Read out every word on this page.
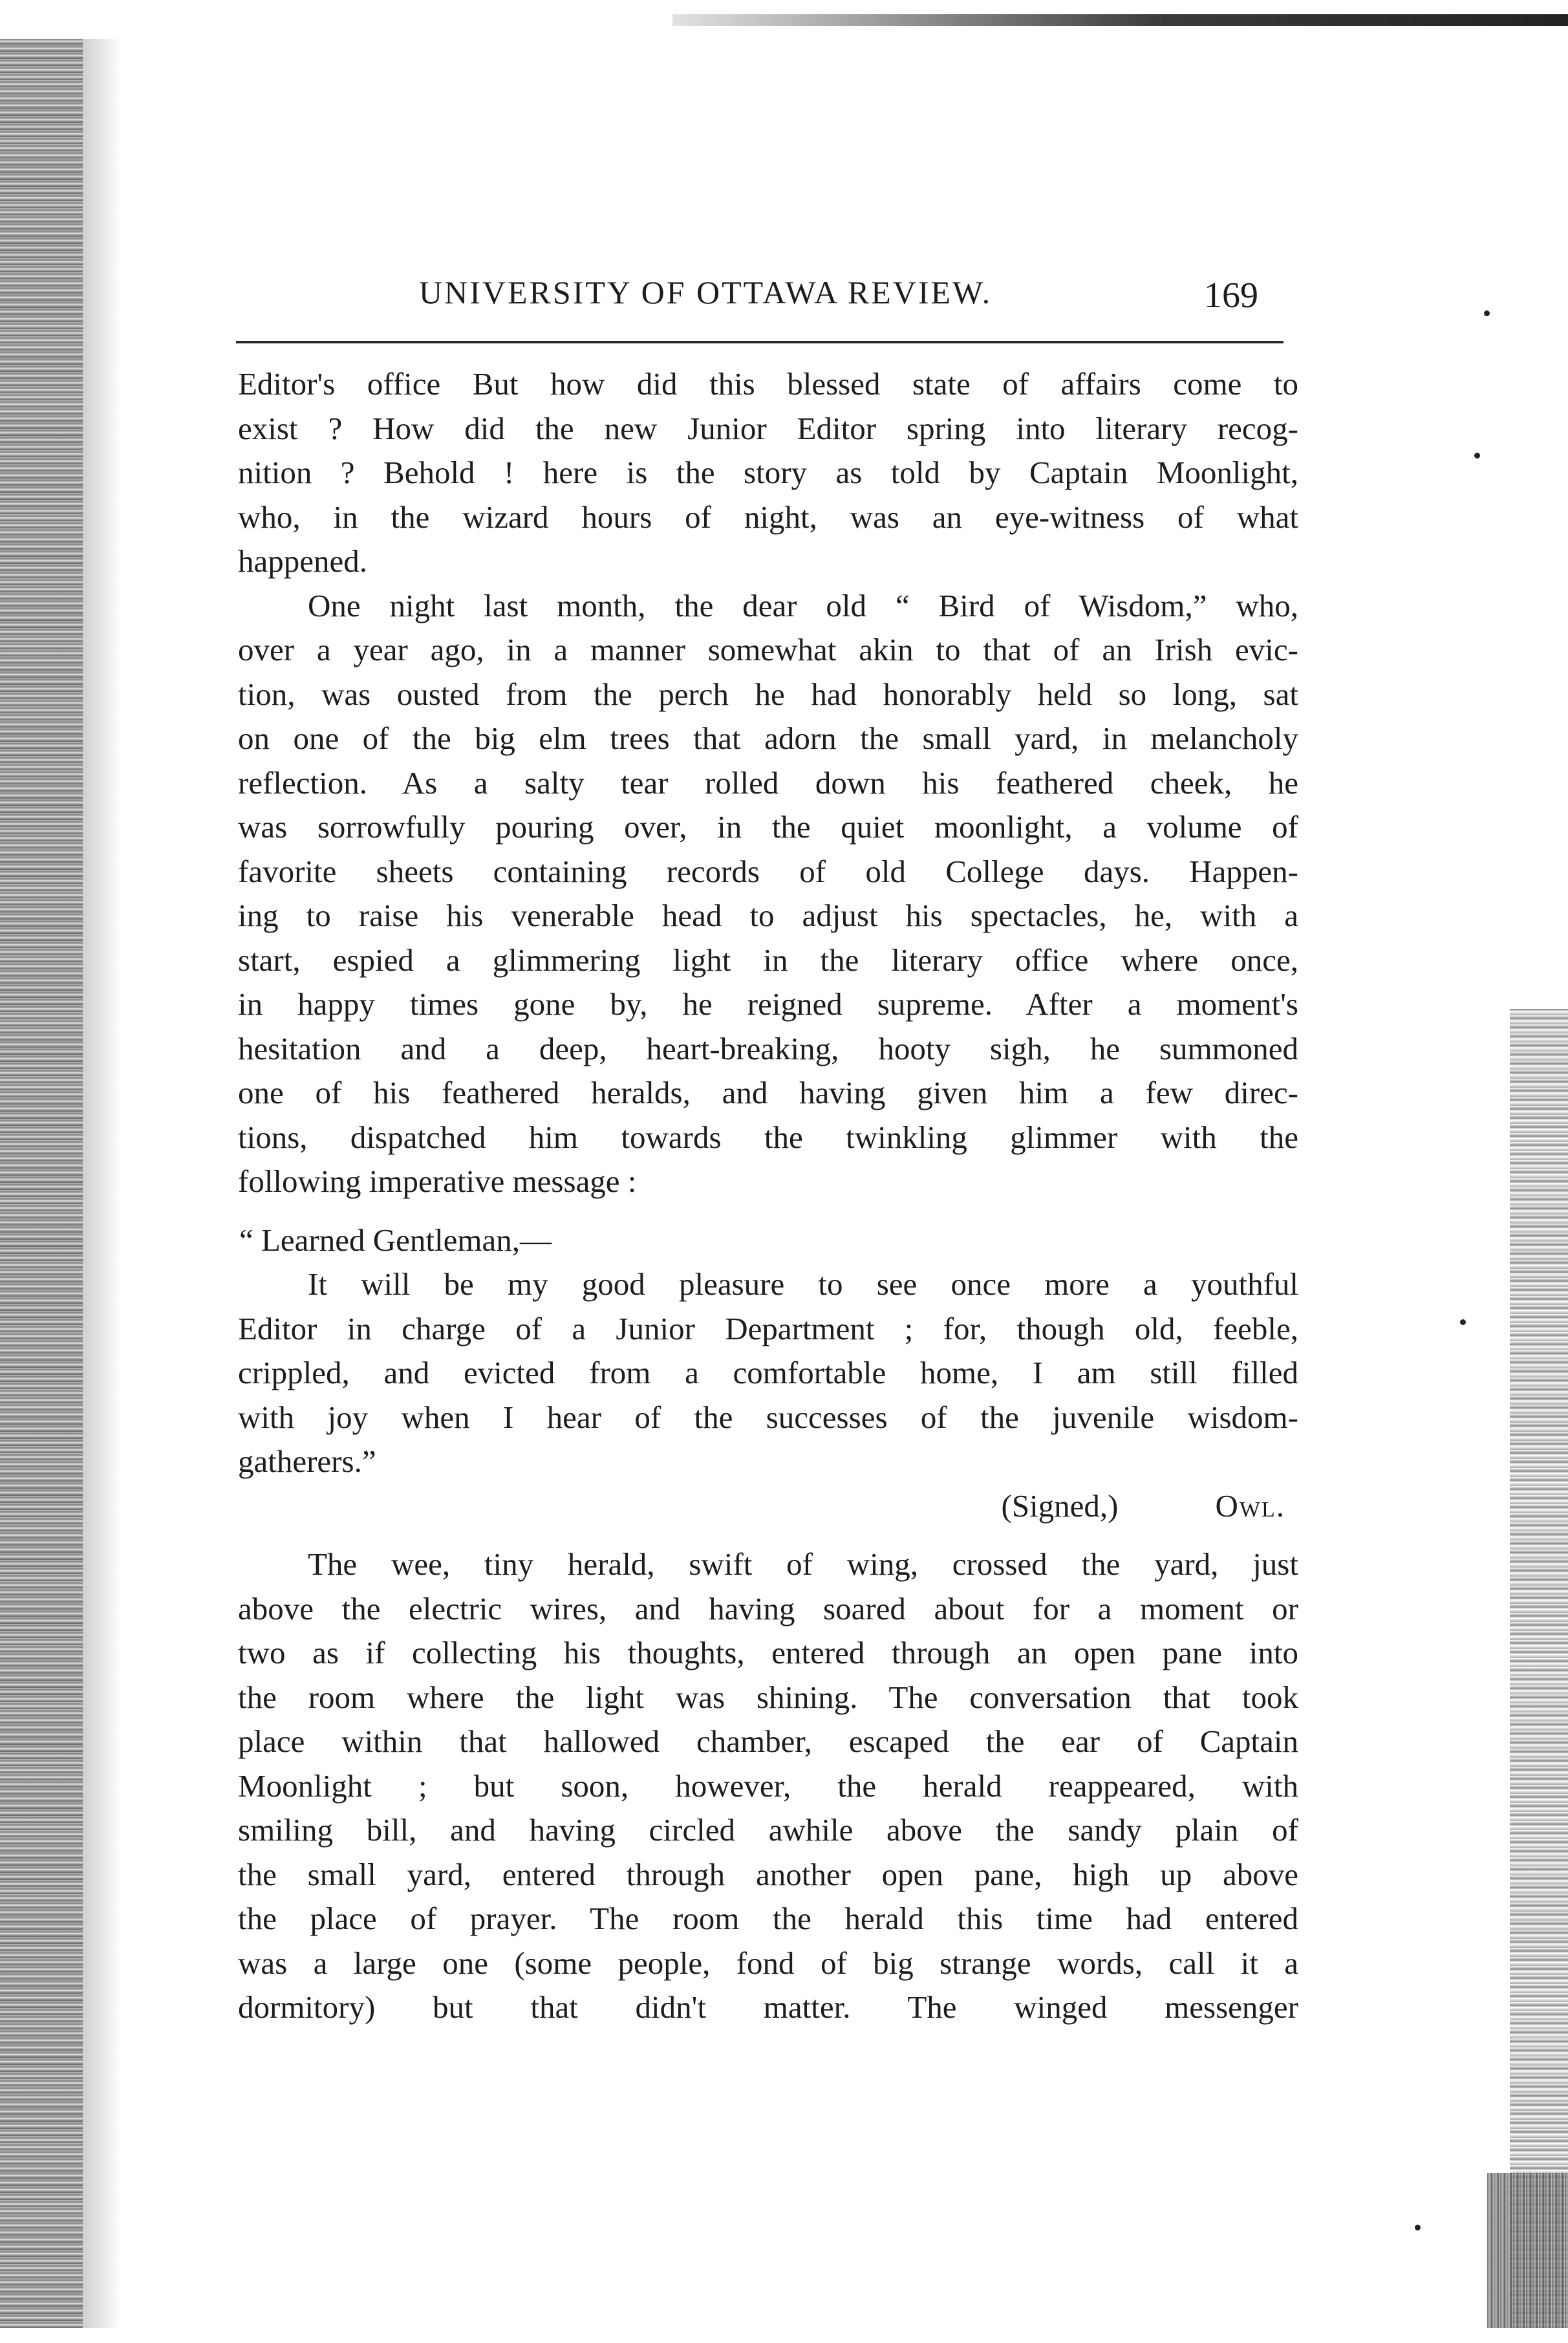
UNIVERSITY OF OTTAWA REVIEW.	169
Editor's office But how did this blessed state of affairs come to
exist ? How did the new Junior Editor spring into literary recog-
nition ? Behold ! here is the story as told by Captain Moonlight,
who, in the wizard hours of night, was an eye-witness of what
happened.
One night last month, the dear old “ Bird of Wisdom,” who,
over a year ago, in a manner somewhat akin to that of an Irish evic-
tion, was ousted from the perch he had honorably held so long, sat
on one of the big elm trees that adorn the small yard, in melancholy
reflection. As a salty tear rolled down his feathered cheek, he
was sorrowfully pouring over, in the quiet moonlight, a volume of
favorite sheets containing records of old College days. Happen-
ing to raise his venerable head to adjust his spectacles, he, with a
start, espied a glimmering light in the literary office where once,
in happy times gone by, he reigned supreme. After a moment's
hesitation and a deep, heart-breaking, hooty sigh, he summoned
one of his feathered heralds, and having given him a few direc-
tions, dispatched him towards the twinkling glimmer with the
following imperative message :
“ Learned Gentleman,—
It will be my good pleasure to see once more a youthful
Editor in charge of a Junior Department ; for, though old, feeble,
crippled, and evicted from a comfortable home, I am still filled
with joy when I hear of the successes of the juvenile wisdom-
gatherers.”
(Signed,)	Owl.
The wee, tiny herald, swift of wing, crossed the yard, just
above the electric wires, and having soared about for a moment or
two as if collecting his thoughts, entered through an open pane into
the room where the light was shining. The conversation that took
place within that hallowed chamber, escaped the ear of Captain
Moonlight ; but soon, however, the herald reappeared, with
smiling bill, and having circled awhile above the sandy plain of
the small yard, entered through another open pane, high up above
the place of prayer. The room the herald this time had entered
was a large one (some people, fond of big strange words, call it a
dormitory) but that didn't matter. The winged messenger
